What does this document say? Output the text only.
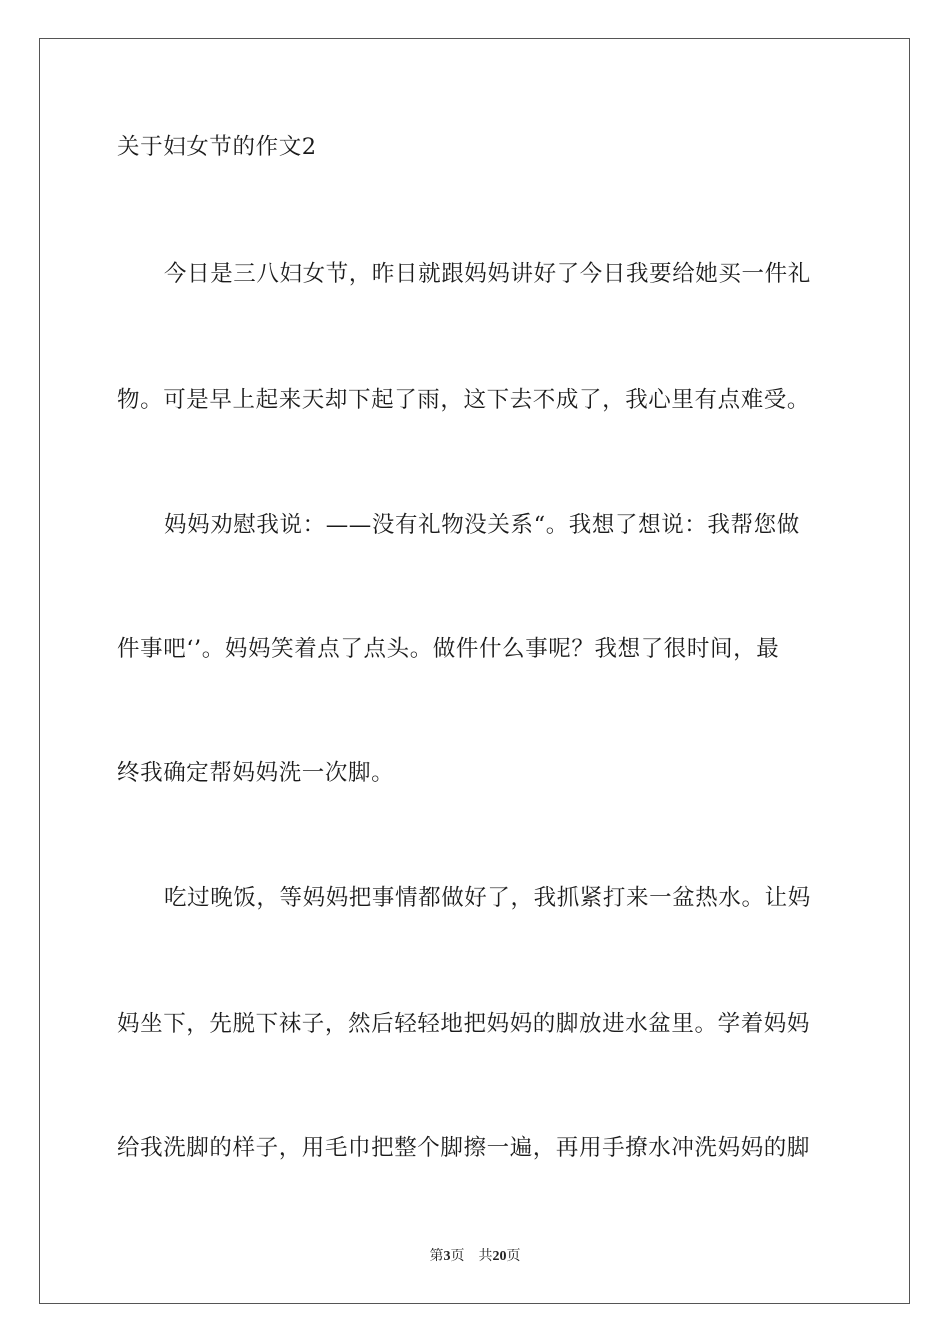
关于妇女节的作文2
今日是三八妇女节，昨日就跟妈妈讲好了今日我要给她买一件礼
物。可是早上起来天却下起了雨，这下去不成了，我心里有点难受。
妈妈劝慰我说：——没有礼物没关系“。我想了想说：我帮您做
件事吧‘’。妈妈笑着点了点头。做件什么事呢？我想了很时间，最
终我确定帮妈妈洗一次脚。
吃过晚饭，等妈妈把事情都做好了，我抓紧打来一盆热水。让妈
妈坐下，先脱下袜子，然后轻轻地把妈妈的脚放进水盆里。学着妈妈
给我洗脚的样子，用毛巾把整个脚擦一遍，再用手撩水冲洗妈妈的脚
第3页 共20页
